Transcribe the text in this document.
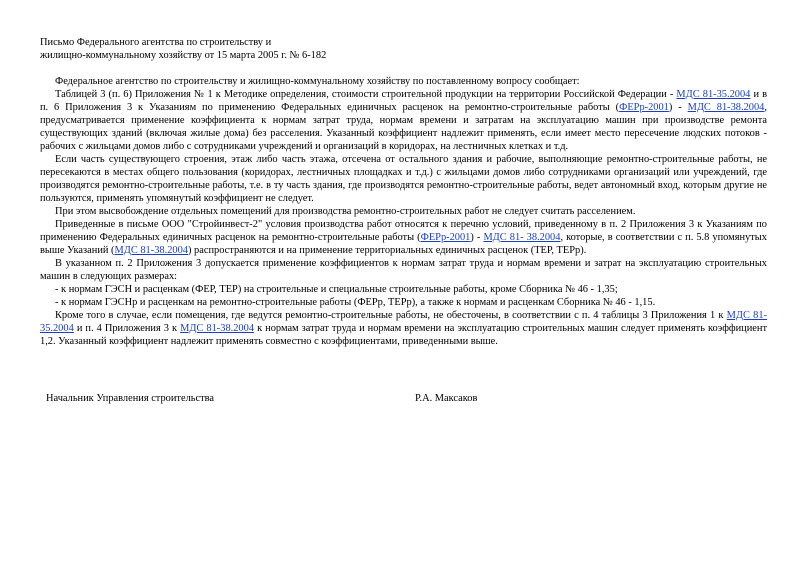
Письмо Федерального агентства по строительству и
жилищно-коммунальному хозяйству от 15 марта 2005 г. № 6-182

Федеральное агентство по строительству и жилищно-коммунальному хозяйству по поставленному вопросу сообщает:

Таблицей 3 (п. 6) Приложения № 1 к Методике определения, стоимости строительной продукции на территории Российской Федерации - МДС 81-35.2004 и в п. 6 Приложения 3 к Указаниям по применению Федеральных единичных расценок на ремонтно-строительные работы (ФЕРр-2001) - МДС 81-38.2004, предусматривается применение коэффициента к нормам затрат труда, нормам времени и затратам на эксплуатацию машин при производстве ремонта существующих зданий (включая жилые дома) без расселения. Указанный коэффициент надлежит применять, если имеет место пересечение людских потоков - рабочих с жильцами домов либо с сотрудниками учреждений и организаций в коридорах, на лестничных клетках и т.д.

Если часть существующего строения, этаж либо часть этажа, отсечена от остального здания и рабочие, выполняющие ремонтно-строительные работы, не пересекаются в местах общего пользования (коридорах, лестничных площадках и т.д.) с жильцами домов либо сотрудниками организаций или учреждений, где производятся ремонтно-строительные работы, т.е. в ту часть здания, где производятся ремонтно-строительные работы, ведет автономный вход, которым другие не пользуются, применять упомянутый коэффициент не следует.

При этом высвобождение отдельных помещений для производства ремонтно-строительных работ не следует считать расселением.

Приведенные в письме ООО "Стройинвест-2" условия производства работ относятся к перечню условий, приведенному в п. 2 Приложения 3 к Указаниям по применению Федеральных единичных расценок на ремонтно-строительные работы (ФЕРр-2001) - МДС 81- 38.2004, которые, в соответствии с п. 5.8 упомянутых выше Указаний (МДС 81-38.2004) распространяются и на применение территориальных единичных расценок (ТЕР, ТЕРр).

В указанном п. 2 Приложения 3 допускается применение коэффициентов к нормам затрат труда и нормам времени и затрат на эксплуатацию строительных машин в следующих размерах:

- к нормам ГЭСН и расценкам (ФЕР, ТЕР) на строительные и специальные строительные работы, кроме Сборника № 46 - 1,35;

- к нормам ГЭСНр и расценкам на ремонтно-строительные работы (ФЕРр, ТЕРр), а также к нормам и расценкам Сборника № 46 - 1,15.

Кроме того в случае, если помещения, где ведутся ремонтно-строительные работы, не обесточены, в соответствии с п. 4 таблицы 3 Приложения 1 к МДС 81-35.2004 и п. 4 Приложения 3 к МДС 81-38.2004 к нормам затрат труда и нормам времени на эксплуатацию строительных машин следует применять коэффициент 1,2. Указанный коэффициент надлежит применять совместно с коэффициентами, приведенными выше.

Начальник Управления строительства	Р.А. Максаков
